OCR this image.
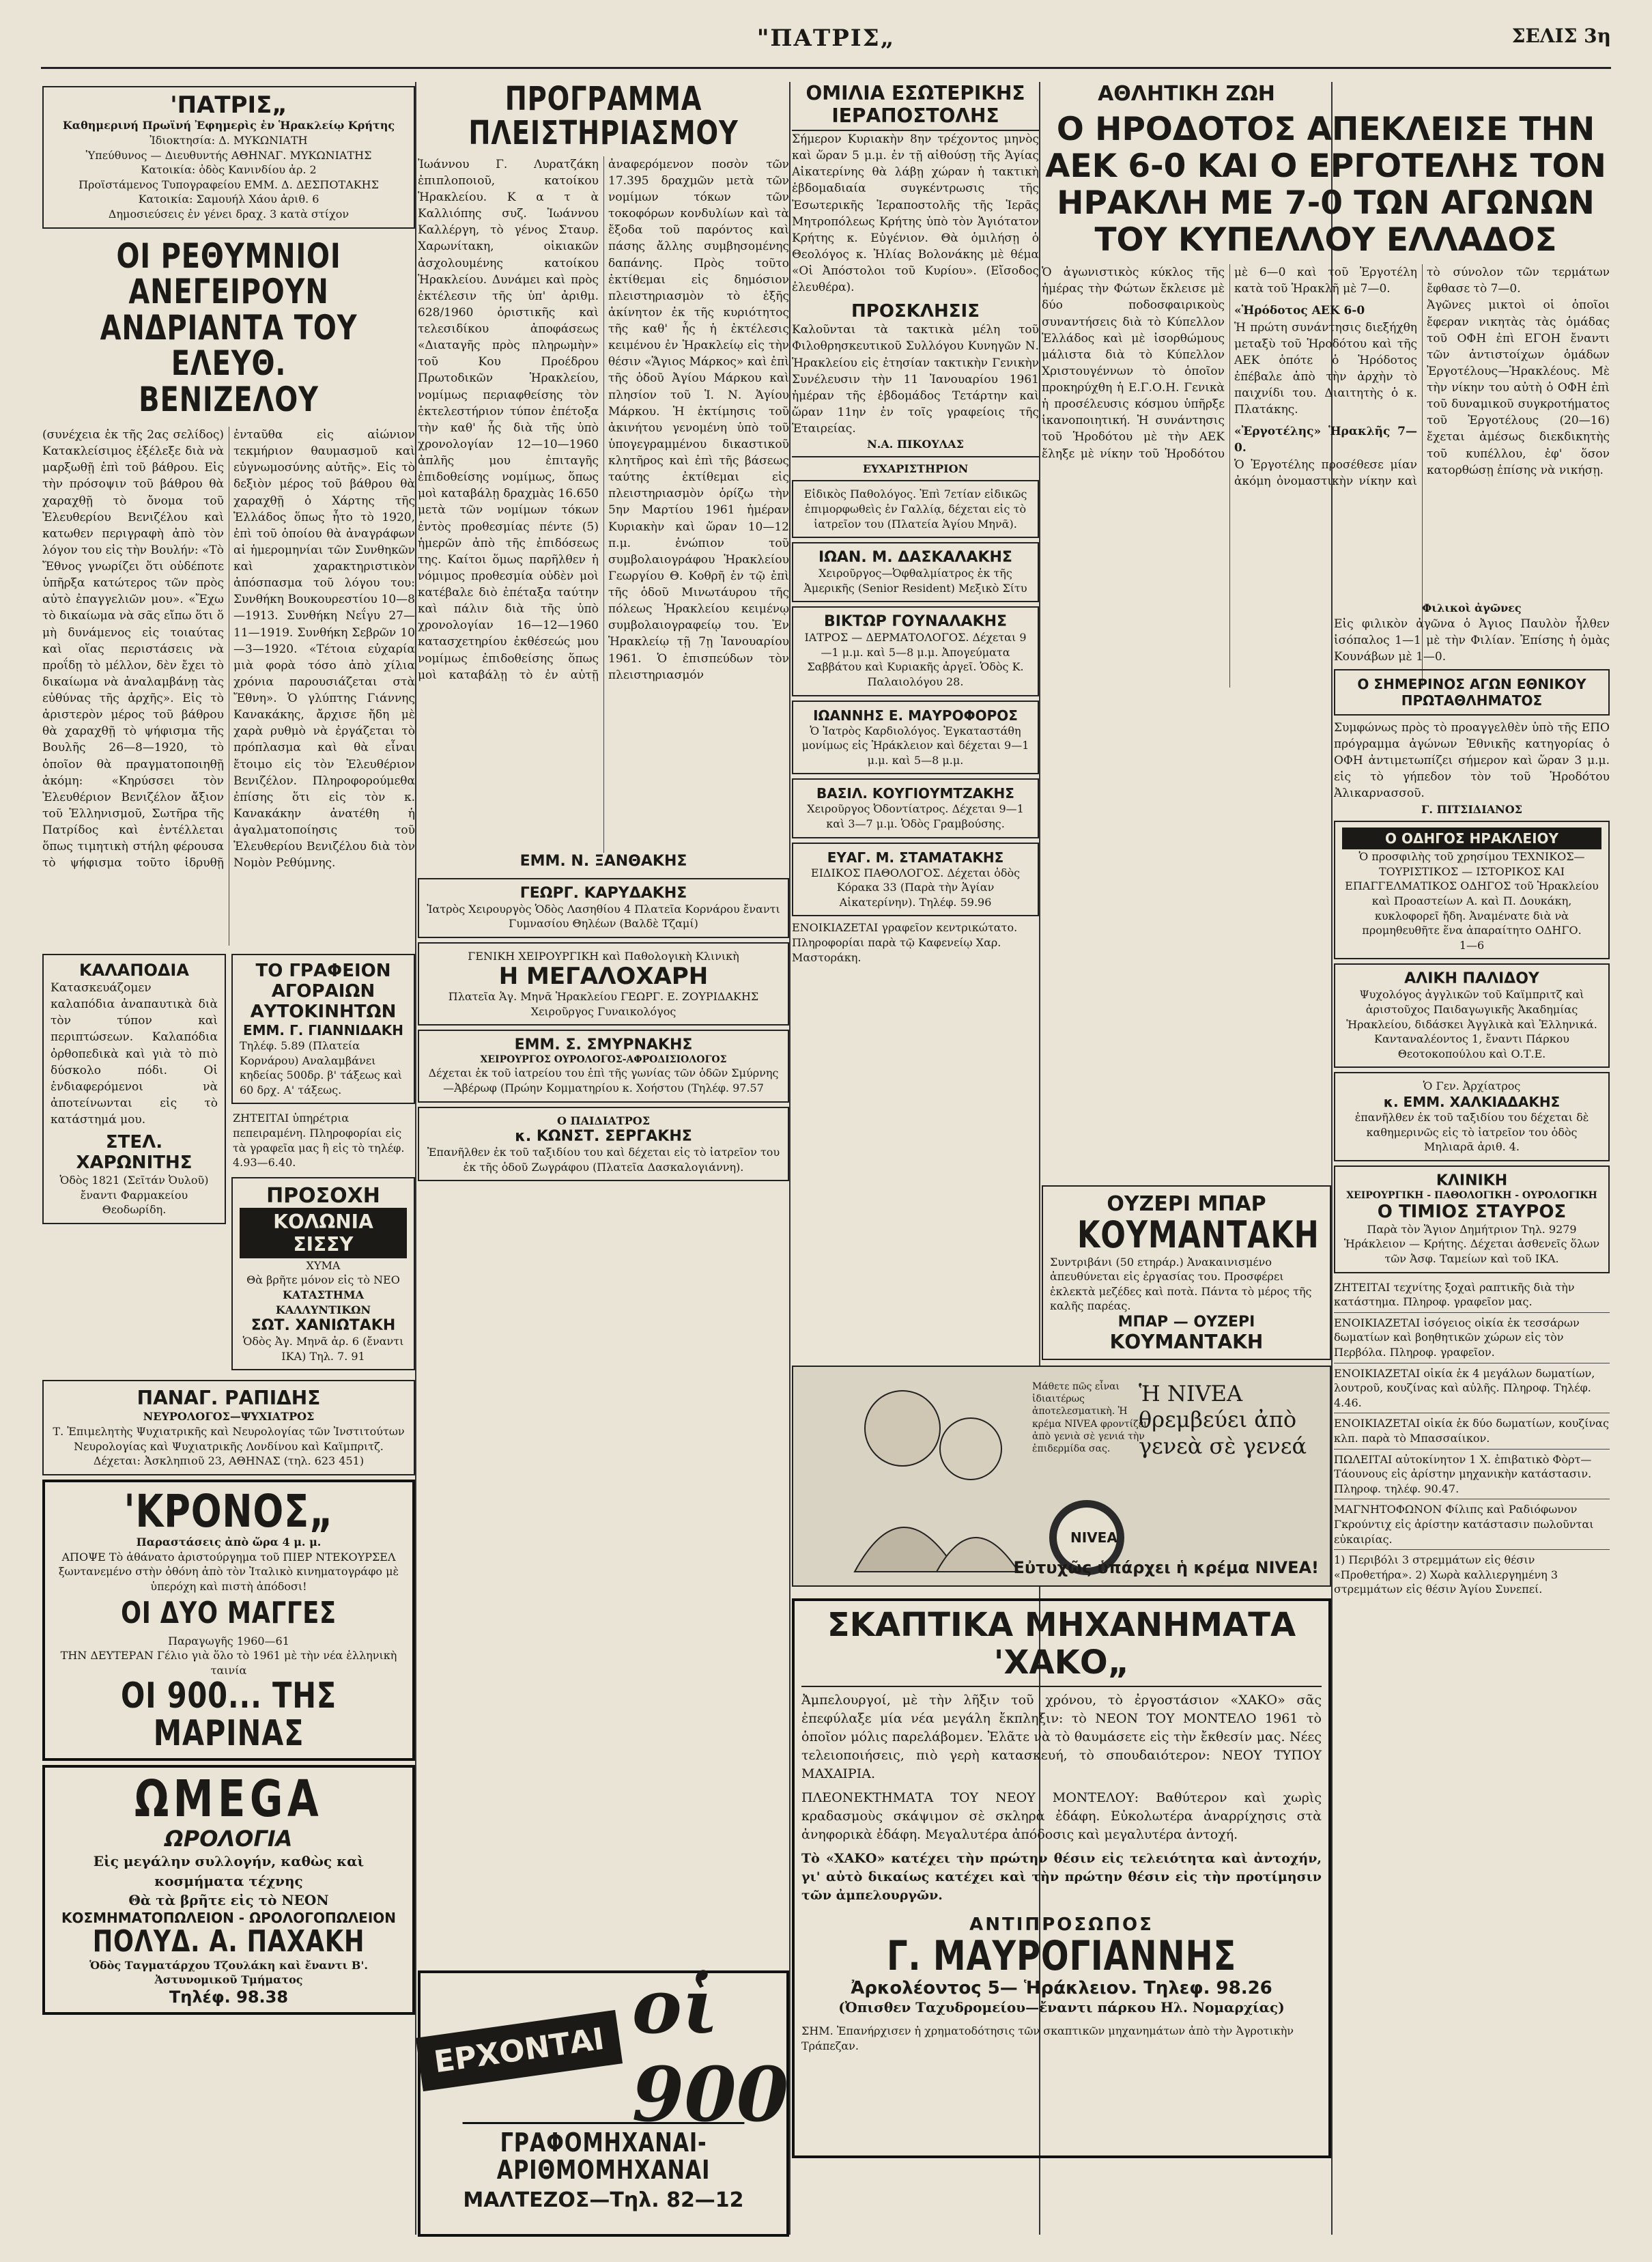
"ΠΑΤΡΙΣ„	ΣΕΛΙΣ 3η
'ΠΑΤΡΙΣ„
Καθημερινή Πρωϊνή Ἐφημερὶς ἐν Ἡρακλείῳ Κρήτης
Ἰδιοκτησία: Δ. ΜΥΚΩΝΙΑΤΗ
Ὑπεύθυνος — Διευθυντής ΑΘΗΝΑΓ. ΜΥΚΩΝΙΑΤΗΣ
Κατοικία: ὁδὸς Κανινδίου ἀρ. 2
Προϊστάμενος Τυπογραφείου ΕΜΜ. Δ. ΔΕΣΠΟΤΑΚΗΣ
Κατοικία: Σαμουήλ Χάου ἀριθ. 6
Δημοσιεύσεις ἐν γένει δραχ. 3 κατὰ στίχον
ΟΙ ΡΕΘΥΜΝΙΟΙ ΑΝΕΓΕΙΡΟΥΝ ΑΝΔΡΙΑΝΤΑ ΤΟΥ ΕΛΕΥΘ. ΒΕΝΙΖΕΛΟΥ
(συνέχεια ἐκ τῆς 2ας σελίδος) Κατακλείσιμος ἐξέλεξε διὰ νὰ μαρξωθῇ ἐπὶ τοῦ βάθρου. Εἰς τὴν πρόσοψιν τοῦ βάθρου θὰ χαραχθῇ τὸ ὄνομα τοῦ Ἐλευθερίου Βενιζέλου καὶ κατωθεν περιγραφὴ ἀπὸ τὸν λόγον του εἰς τὴν Βουλήν: «Τὸ Ἔθνος γνωρίζει ὅτι οὐδέποτε ὑπῆρξα κατώτερος τῶν πρὸς αὐτὸ ἐπαγγελιῶν μου». «Ἔχω τὸ δικαίωμα νὰ σᾶς εἴπω ὅτι ὅ μὴ δυνάμενος εἰς τοιαύτας καὶ οἵας περιστάσεις νὰ προΐδῃ τὸ μέλλον, δὲν ἔχει τὸ δικαίωμα νὰ ἀναλαμβάνῃ τὰς εὐθύνας τῆς ἀρχῆς». Εἰς τὸ ἀριστερὸν μέρος τοῦ βάθρου θὰ χαραχθῇ τὸ ψήφισμα τῆς Βουλῆς 26—8—1920, τὸ ὁποῖον θὰ πραγματοποιηθῇ ἀκόμη: «Κηρύσσει τὸν Ἐλευθέριον Βενιζέλον ἄξιον τοῦ Ἑλληνισμοῦ, Σωτῆρα τῆς Πατρίδος καὶ ἐντέλλεται ὅπως τιμητικὴ στήλη φέρουσα τὸ ψήφισμα τοῦτο ἱδρυθῇ ἐνταῦθα εἰς αἰώνιον τεκμήριον θαυμασμοῦ καὶ εὐγνωμοσύνης αὐτῆς». Εἰς τὸ δεξιὸν μέρος τοῦ βάθρου θὰ χαραχθῇ ὁ Χάρτης τῆς Ἑλλάδος ὅπως ἦτο τὸ 1920, ἐπὶ τοῦ ὁποίου θὰ ἀναγράφων αἱ ἡμερομηνίαι τῶν Συνθηκῶν καὶ χαρακτηριστικὸν ἀπόσπασμα τοῦ λόγου του: Συνθήκη Βουκουρεστίου 10—8—1913. Συνθήκη Νεΐγυ 27—11—1919. Συνθήκη Σεβρῶν 10—3—1920. «Τέτοια εὐχαρία μιὰ φορὰ τόσο ἀπὸ χίλια χρόνια παρουσιάζεται στὰ Ἔθνη». Ὁ γλύπτης Γιάννης Κανακάκης, ἄρχισε ἤδη μὲ χαρὰ ρυθμὸ νὰ ἐργάζεται τὸ πρόπλασμα καὶ θὰ εἶναι ἔτοιμο εἰς τὸν Ἐλευθέριον Βενιζέλον. Πληροφορούμεθα ἐπίσης ὅτι εἰς τὸν κ. Κανακάκην ἀνατέθη ἡ ἀγαλματοποίησις τοῦ Ἐλευθερίου Βενιζέλου διὰ τὸν Νομὸν Ρεθύμνης.
ΚΑΛΑΠΟΔΙΑ
Κατασκευάζομεν καλαπόδια ἀναπαυτικὰ διὰ τὸν τύπον καὶ περιπτώσεων. Καλαπόδια ὀρθοπεδικὰ καὶ γιὰ τὸ πιὸ δύσκολο πόδι. Οἱ ἐνδιαφερόμενοι νὰ ἀποτείνωνται εἰς τὸ κατάστημά μου.
ΣΤΕΛ. ΧΑΡΩΝΙΤΗΣ
Ὁδὸς 1821 (Σεῖτάν Ὀυλοῦ) ἔναντι Φαρμακείου Θεοδωρίδη.
ΤΟ ΓΡΑΦΕΙΟΝ ΑΓΟΡΑΙΩΝ ΑΥΤΟΚΙΝΗΤΩΝ
ΕΜΜ. Γ. ΓΙΑΝΝΙΔΑΚΗ
Τηλέφ. 5.89 (Πλατεία Κορνάρου) Αναλαμβάνει κηδείας 500δρ. β' τάξεως καὶ 60 δρχ. Α' τάξεως.
ΖΗΤΕΙΤΑΙ ὑπηρέτρια πεπειραμένη. Πληροφορίαι εἰς τὰ γραφεῖα μας ἢ εἰς τὸ τηλέφ. 4.93—6.40.
ΠΡΟΣΟΧΗ
ΚΟΛΩΝΙΑ ΣΙΣΣΥ
ΧΥΜΑ
Θὰ βρῆτε μόνον εἰς τὸ ΝΕΟ
ΚΑΤΑΣΤΗΜΑ ΚΑΛΛΥΝΤΙΚΩΝ
ΣΩΤ. ΧΑΝΙΩΤΑΚΗ
Ὁδὸς Ἀγ. Μηνᾶ ἀρ. 6 (ἔναντι ΙΚΑ) Τηλ. 7. 91
ΠΑΝΑΓ. ΡΑΠΙΔΗΣ
ΝΕΥΡΟΛΟΓΟΣ—ΨΥΧΙΑΤΡΟΣ
Τ. Ἐπιμελητὴς Ψυχιατρικῆς καὶ Νευρολογίας τῶν Ἰνστιτούτων Νευρολογίας καὶ Ψυχιατρικῆς Λονδίνου καὶ Καϊμπριτζ.
Δέχεται: Ἀσκληπιοῦ 23, ΑΘΗΝΑΣ (τηλ. 623 451)
'ΚΡΟΝΟΣ„
Παραστάσεις ἀπὸ ὥρα 4 μ. μ.
ΑΠΟΨΕ Τὸ ἀθάνατο ἀριστούργημα τοῦ ΠΙΕΡ ΝΤΕΚΟΥΡΣΕΛ ξωντανεμένο στὴν ὀθόνη ἀπὸ τὸν Ἰταλικὸ κινηματογράφο μὲ ὑπερόχη καὶ πιστὴ ἀπόδοσι!
ΟΙ ΔΥΟ ΜΑΓΓΕΣ
Παραγωγῆς 1960—61
ΤΗΝ ΔΕΥΤΕΡΑΝ Γέλιο γιὰ ὅλο τὸ 1961 μὲ τὴν νέα ἑλληνικὴ ταινία
ΟΙ 900... ΤΗΣ ΜΑΡΙΝΑΣ
ΩMEGA
ΩΡΟΛΟΓΙΑ
Εἰς μεγάλην συλλογήν, καθὼς καὶ κοσμήματα τέχνης
Θὰ τὰ βρῆτε εἰς τὸ ΝΕΟΝ
ΚΟΣΜΗΜΑΤΟΠΩΛΕΙΟΝ - ΩΡΟΛΟΓΟΠΩΛΕΙΟΝ
ΠΟΛΥΔ. Α. ΠΑΧΑΚΗ
Ὁδὸς Ταγματάρχου Τζουλάκη καὶ ἔναντι Β'. Ἀστυνομικοῦ Τμήματος
Τηλέφ. 98.38
ΠΡΟΓΡΑΜΜΑ ΠΛΕΙΣΤΗΡΙΑΣΜΟΥ
Ἰωάννου Γ. Λυρατζάκη ἐπιπλοποιοῦ, κατοίκου Ἡρακλείου. Κ α τ ὰ Καλλιόπης συζ. Ἰωάννου Καλλέργη, τὸ γένος Σταυρ. Χαρωνίτακη, οἰκιακῶν ἀσχολουμένης κατοίκου Ἡρακλείου. Δυνάμει καὶ πρὸς ἐκτέλεσιν τῆς ὑπ' ἀριθμ. 628/1960 ὁριστικῆς καὶ τελεσιδίκου ἀποφάσεως «Διαταγῆς πρὸς πληρωμὴν» τοῦ Κου Προέδρου Πρωτοδικῶν Ἡρακλείου, νομίμως περιαφθείσης τὸν ἐκτελεστήριον τύπον ἐπέτοξα τὴν καθ' ἧς διὰ τῆς ὑπὸ χρονολογίαν 12—10—1960 ἀπλῆς μου ἐπιταγῆς ἐπιδοθείσης νομίμως, ὅπως μοὶ καταβάλῃ δραχμὰς 16.650 μετὰ τῶν νομίμων τόκων ἐντὸς προθεσμίας πέντε (5) ἡμερῶν ἀπὸ τῆς ἐπιδόσεως της. Καίτοι ὅμως παρῆλθεν ἡ νόμιμος προθεσμία οὐδὲν μοὶ κατέβαλε διὸ ἐπέταξα ταύτην καὶ πάλιν διὰ τῆς ὑπὸ χρονολογίαν 16—12—1960 κατασχετηρίου ἐκθέσεώς μου νομίμως ἐπιδοθείσης ὅπως μοὶ καταβάλῃ τὸ ἐν αὐτῇ ἀναφερόμενον ποσὸν τῶν 17.395 δραχμῶν μετὰ τῶν νομίμων τόκων τῶν τοκοφόρων κονδυλίων καὶ τὰ ἔξοδα τοῦ παρόντος καὶ πάσης ἄλλης συμβησομένης δαπάνης. Πρὸς τοῦτο ἐκτίθεμαι εἰς δημόσιον πλειστηριασμὸν τὸ ἑξῆς ἀκίνητον ἐκ τῆς κυριότητος τῆς καθ' ἧς ἡ ἐκτέλεσις κειμένου ἐν Ἡρακλείῳ εἰς τὴν θέσιν «Ἅγιος Μάρκος» καὶ ἐπὶ τῆς ὁδοῦ Ἀγίου Μάρκου καὶ πλησίον τοῦ Ἱ. Ν. Ἁγίου Μάρκου. Ἡ ἐκτίμησις τοῦ ἀκινήτου γενομένη ὑπὸ τοῦ ὑπογεγραμμένου δικαστικοῦ κλητῆρος καὶ ἐπὶ τῆς βάσεως ταύτης ἐκτίθεμαι εἰς πλειστηριασμὸν ὁρίζω τὴν 5ην Μαρτίου 1961 ἡμέραν Κυριακὴν καὶ ὥραν 10—12 π.μ. ἐνώπιον τοῦ συμβολαιογράφου Ἡρακλείου Γεωργίου Θ. Κοθρῆ ἐν τῷ ἐπὶ τῆς ὁδοῦ Μινωτάυρου τῆς πόλεως Ἡρακλείου κειμένῳ συμβολαιογραφείῳ του. Ἐν Ἡρακλείῳ τῇ 7ῃ Ἰανουαρίου 1961. Ὁ ἐπισπεύδων τὸν πλειστηριασμόν
ΕΜΜ. Ν. ΞΑΝΘΑΚΗΣ
ΓΕΩΡΓ. ΚΑΡΥΔΑΚΗΣ
Ἰατρὸς Χειρουργὸς Ὁδὸς Λασηθίου 4 Πλατεῖα Κορνάρου ἔναντι Γυμνασίου Θηλέων (Βαλδὲ Τζαμί)
ΓΕΝΙΚΗ ΧΕΙΡΟΥΡΓΙΚΗ καὶ Παθολογικὴ Κλινικὴ
Η ΜΕΓΑΛΟΧΑΡΗ
Πλατεῖα Ἁγ. Μηνᾶ Ἡρακλείου ΓΕΩΡΓ. Ε. ΖΟΥΡΙΔΑΚΗΣ Χειροῦργος Γυναικολόγος
ΕΜΜ. Σ. ΣΜΥΡΝΑΚΗΣ
ΧΕΙΡΟΥΡΓΟΣ ΟΥΡΟΛΟΓΟΣ-ΑΦΡΟΔΙΣΙΟΛΟΓΟΣ
Δέχεται ἐκ τοῦ ἰατρείου του ἐπὶ τῆς γωνίας τῶν ὁδῶν Σμύρνης—Ἀβέρωφ (Πρώην Κομματηρίου κ. Χοήστου (Τηλέφ. 97.57
Ο ΠΑΙΔΙΑΤΡΟΣ
κ. ΚΩΝΣΤ. ΣΕΡΓΑΚΗΣ
Ἐπανῆλθεν ἐκ τοῦ ταξιδίου του καὶ δέχεται εἰς τὸ ἰατρεῖον του ἐκ τῆς ὁδοῦ Ζωγράφου (Πλατεῖα Δασκαλογιάννη).
ΕΡΧΟΝΤΑΙ οἱ 900
ΓΡΑΦΟΜΗΧΑΝΑΙ-ΑΡΙΘΜΟΜΗΧΑΝΑΙ
ΜΑΛΤΕΖΟΣ—Τηλ. 82—12
ΟΜΙΛΙΑ ΕΣΩΤΕΡΙΚΗΣ ΙΕΡΑΠΟΣΤΟΛΗΣ
Σήμερον Κυριακὴν 8ην τρέχοντος μηνὸς καὶ ὥραν 5 μ.μ. ἐν τῇ αἰθούσῃ τῆς Ἁγίας Αἰκατερίνης θὰ λάβῃ χώραν ἡ τακτικὴ ἑβδομαδιαία συγκέντρωσις τῆς Ἐσωτερικῆς Ἱεραποστολῆς τῆς Ἱερᾶς Μητροπόλεως Κρήτης ὑπὸ τὸν Ἁγιότατον Κρήτης κ. Εὐγένιον. Θὰ ὁμιλήσῃ ὁ Θεολόγος κ. Ἠλίας Βολονάκης μὲ θέμα «Οἱ Ἀπόστολοι τοῦ Κυρίου». (Εἴσοδος ἐλευθέρα).
ΠΡΟΣΚΛΗΣΙΣ
Καλοῦνται τὰ τακτικὰ μέλη τοῦ Φιλοθρησκευτικοῦ Συλλόγου Κυνηγῶν Ν. Ἡρακλείου εἰς ἐτησίαν τακτικὴν Γενικὴν Συνέλευσιν τὴν 11 Ἰανουαρίου 1961 ἡμέραν τῆς ἑβδομάδος Τετάρτην καὶ ὥραν 11ην ἐν τοῖς γραφείοις τῆς Ἑταιρείας.
Ν.Α. ΠΙΚΟΥΛΑΣ
ΕΥΧΑΡΙΣΤΗΡΙΟΝ
Εἰδικὸς Παθολόγος. Ἐπὶ 7ετίαν εἰδικῶς ἐπιμορφωθεὶς ἐν Γαλλίᾳ, δέχεται εἰς τὸ ἰατρεῖον του (Πλατεία Ἁγίου Μηνᾶ).
ΙΩΑΝ. Μ. ΔΑΣΚΑΛΑΚΗΣ
Χειροῦργος—Ὀφθαλμίατρος ἐκ τῆς Ἀμερικῆς (Senior Resident) Μεξικὸ Σίτυ
ΒΙΚΤΩΡ ΓΟΥΝΑΛΑΚΗΣ
ΙΑΤΡΟΣ — ΔΕΡΜΑΤΟΛΟΓΟΣ. Δέχεται 9—1 μ.μ. καὶ 5—8 μ.μ. Ἀπογεύματα Σαββάτου καὶ Κυριακῆς ἀργεῖ. Ὁδὸς Κ. Παλαιολόγου 28.
ΙΩΑΝΝΗΣ Ε. ΜΑΥΡΟΦΟΡΟΣ
Ὁ Ἰατρὸς Καρδιολόγος. Ἐγκαταστάθη μονίμως εἰς Ἡράκλειον καὶ δέχεται 9—1 μ.μ. καὶ 5—8 μ.μ.
ΒΑΣΙΛ. ΚΟΥΓΙΟΥΜΤΖΑΚΗΣ
Χειροῦργος Ὀδοντίατρος. Δέχεται 9—1 καὶ 3—7 μ.μ. Ὁδὸς Γραμβούσης.
ΕΥΑΓ. Μ. ΣΤΑΜΑΤΑΚΗΣ
ΕΙΔΙΚΟΣ ΠΑΘΟΛΟΓΟΣ. Δέχεται ὁδὸς Κόρακα 33 (Παρὰ τὴν Ἁγίαν Αἰκατερίνην). Τηλέφ. 59.96
ΕΝΟΙΚΙΑΖΕΤΑΙ γραφεῖον κεντρικώτατο. Πληροφορίαι παρὰ τῷ Καφενείῳ Χαρ. Μαστοράκη.
ΑΘΛΗΤΙΚΗ ΖΩΗ
Ο ΗΡΟΔΟΤΟΣ ΑΠΕΚΛΕΙΣΕ ΤΗΝ ΑΕΚ 6-0 ΚΑΙ Ο ΕΡΓΟΤΕΛΗΣ ΤΟΝ ΗΡΑΚΛΗ ΜΕ 7-0 ΤΩΝ ΑΓΩΝΩΝ ΤΟΥ ΚΥΠΕΛΛΟΥ ΕΛΛΑΔΟΣ
Ὁ ἀγωνιστικὸς κύκλος τῆς ἡμέρας τὴν Φώτων ἔκλεισε μὲ δύο ποδοσφαιρικοὺς συναντήσεις διὰ τὸ Κύπελλον Ἑλλάδος καὶ μὲ ἰσορθώμους μάλιστα διὰ τὸ Κύπελλον Χριστουγέννων τὸ ὁποῖον προκηρύχθη ἡ Ε.Γ.Ο.Η. Γενικὰ ἡ προσέλευσις κόσμου ὑπῆρξε ἱκανοποιητική. Ἡ συνάντησις τοῦ Ἡροδότου μὲ τὴν ΑΕΚ ἔληξε μὲ νίκην τοῦ Ἡροδότου μὲ 6—0 καὶ τοῦ Ἐργοτέλη κατὰ τοῦ Ἡρακλῆ μὲ 7—0.
«Ἡρόδοτος ΑΕΚ 6-0
Ἡ πρώτη συνάντησις διεξήχθη μεταξὺ τοῦ Ἡροδότου καὶ τῆς ΑΕΚ ὁπότε ὁ Ἡρόδοτος ἐπέβαλε ἀπὸ τὴν ἀρχὴν τὸ παιχνίδι του. Διαιτητὴς ὁ κ. Πλατάκης.
«Ἐργοτέλης» Ἡρακλῆς 7—0.
Ὁ Ἐργοτέλης προσέθεσε μίαν ἀκόμη ὀνομαστικὴν νίκην καὶ τὸ σύνολον τῶν τερμάτων ἔφθασε τὸ 7—0.
Ἀγῶνες μικτοὶ οἱ ὁποῖοι ἔφεραν νικητὰς τὰς ὁμάδας τοῦ ΟΦΗ ἐπὶ ΕΓΟΗ ἔναντι τῶν ἀντιστοίχων ὁμάδων Ἐργοτέλους—Ἡρακλέους. Μὲ τὴν νίκην του αὐτὴ ὁ ΟΦΗ ἐπὶ τοῦ δυναμικοῦ συγκροτήματος τοῦ Ἐργοτέλους (20—16) ἔχεται ἀμέσως διεκδικητὴς τοῦ κυπέλλου, ἐφ' ὅσον κατορθώσῃ ἐπίσης νὰ νικήσῃ.
ΟΥΖΕΡΙ ΜΠΑΡ
ΚΟΥΜΑΝΤΑΚΗ
Συντριβάνι (50 ετηράρ.) Ἀνακαινισμένο ἀπευθύνεται εἰς ἐργασίας του. Προσφέρει ἐκλεκτὰ μεζέδες καὶ ποτὰ. Πάντα τὸ μέρος τῆς καλῆς παρέας.
ΜΠΑΡ — ΟΥΖΕΡΙ
ΚΟΥΜΑΝΤΑΚΗ
Ἡ NIVEA
θρεμβεύει ἀπὸ γενεὰ σὲ γενεά
Μάθετε πῶς εἶναι ἰδιαιτέρως ἀποτελεσματικὴ. Ἡ κρέμα NIVEA φροντίζει ἀπὸ γενιὰ σὲ γενιά τὴν ἐπιδερμίδα σας.
NIVEA
Εὐτυχῶς ὑπάρχει ἡ κρέμα NIVEA!
ΣΚΑΠΤΙΚΑ ΜΗΧΑΝΗΜΑΤΑ 'ΧΑΚΟ„
Ἀμπελουργοί, μὲ τὴν λῆξιν τοῦ χρόνου, τὸ ἐργοστάσιον «ΧΑΚΟ» σᾶς ἐπεφύλαξε μία νέα μεγάλη ἔκπληξιν: τὸ ΝΕΟΝ ΤΟΥ ΜΟΝΤΕΛΟ 1961 τὸ ὁποῖον μόλις παρελάβομεν. Ἐλᾶτε νὰ τὸ θαυμάσετε εἰς τὴν ἔκθεσίν μας. Νέες τελειοποιήσεις, πιὸ γερὴ κατασκευή, τὸ σπουδαιότερον: ΝΕΟΥ ΤΥΠΟΥ ΜΑΧΑΙΡΙΑ.
ΠΛΕΟΝΕΚΤΗΜΑΤΑ ΤΟΥ ΝΕΟΥ ΜΟΝΤΕΛΟΥ: Βαθύτερον καὶ χωρὶς κραδασμοὺς σκάψιμον σὲ σκληρὰ ἐδάφη. Εὐκολωτέρα ἀναρρίχησις στὰ ἀνηφορικὰ ἐδάφη. Μεγαλυτέρα ἀπόδοσις καὶ μεγαλυτέρα ἀντοχή.
Τὸ «ΧΑΚΟ» κατέχει τὴν πρώτην θέσιν εἰς τελειότητα καὶ ἀντοχήν, γι' αὐτὸ δικαίως κατέχει καὶ τὴν πρώτην θέσιν εἰς τὴν προτίμησιν τῶν ἀμπελουργῶν.
ΑΝΤΙΠΡΟΣΩΠΟΣ
Γ. ΜΑΥΡΟΓΙΑΝΝΗΣ
Ἀρκολέοντος 5— Ἡράκλειον. Τηλεφ. 98.26
(Ὀπισθεν Ταχυδρομείου—ἔναντι πάρκου Ηλ. Νομαρχίας)
ΣΗΜ. Ἐπανήρχισεν ἡ χρηματοδότησις τῶν σκαπτικῶν μηχανημάτων ἀπὸ τὴν Ἀγροτικὴν Τράπεζαν.
Φιλικοὶ ἀγῶνες
Εἰς φιλικὸν ἀγῶνα ὁ Ἀγιος Παυλὸν ἦλθεν ἰσόπαλος 1—1 μὲ τὴν Φιλίαν. Ἐπίσης ἡ ὁμὰς Κουνάβων μὲ 1—0.
Ο ΣΗΜΕΡΙΝΟΣ ΑΓΩΝ ΕΘΝΙΚΟΥ ΠΡΩΤΑΘΛΗΜΑΤΟΣ
Συμφώνως πρὸς τὸ προαγγελθὲν ὑπὸ τῆς ΕΠΟ πρόγραμμα ἀγώνων Ἐθνικῆς κατηγορίας ὁ ΟΦΗ ἀντιμετωπίζει σήμερον καὶ ὥραν 3 μ.μ. εἰς τὸ γήπεδον τὸν τοῦ Ἡροδότου Ἀλικαρνασσοῦ.
Γ. ΠΙΤΣΙΔΙΑΝΟΣ
Ο ΟΔΗΓΟΣ ΗΡΑΚΛΕΙΟΥ
Ὁ προσφιλὴς τοῦ χρησίμου ΤΕΧΝΙΚΟΣ—ΤΟΥΡΙΣΤΙΚΟΣ — ΙΣΤΟΡΙΚΟΣ ΚΑΙ ΕΠΑΓΓΕΛΜΑΤΙΚΟΣ ΟΔΗΓΟΣ τοῦ Ἡρακλείου καὶ Προαστείων Α. καὶ Π. Δουκάκη, κυκλοφορεῖ ἤδη. Ἀναμένατε διὰ νὰ προμηθευθῆτε ἕνα ἀπαραίτητο ΟΔΗΓΟ.
1—6
ΑΛΙΚΗ ΠΑΛΙΔΟΥ
Ψυχολόγος ἀγγλικῶν τοῦ Καϊμπριτζ καὶ ἀριστοῦχος Παιδαγωγικῆς Ἀκαδημίας Ἡρακλείου, διδάσκει Ἀγγλικὰ καὶ Ἑλληνικά. Κανταναλέοντος 1, ἔναντι Πάρκου Θεοτοκοπούλου καὶ Ο.Τ.Ε.
Ὁ Γεν. Ἀρχίατρος
κ. ΕΜΜ. ΧΑΛΚΙΑΔΑΚΗΣ
ἐπανῆλθεν ἐκ τοῦ ταξιδίου του δέχεται δὲ καθημερινῶς εἰς τὸ ἰατρεῖον του ὁδὸς Μηλιαρᾶ ἀριθ. 4.
ΚΛΙΝΙΚΗ
ΧΕΙΡΟΥΡΓΙΚΗ - ΠΑΘΟΛΟΓΙΚΗ - ΟΥΡΟΛΟΓΙΚΗ
Ο ΤΙΜΙΟΣ ΣΤΑΥΡΟΣ
Παρὰ τὸν Ἅγιον Δημήτριον Τηλ. 9279 Ἡράκλειον — Κρήτης. Δέχεται ἀσθενεῖς ὅλων τῶν Ἀσφ. Ταμείων καὶ τοῦ ΙΚΑ.
ΖΗΤΕΙΤΑΙ τεχνίτης ξοχαὶ ραπτικῆς διὰ τὴν κατάστημα. Πληροφ. γραφεῖον μας.
ΕΝΟΙΚΙΑΖΕΤΑΙ ἰσόγειος οἰκία ἐκ τεσσάρων δωματίων καὶ βοηθητικῶν χώρων εἰς τὸν Περβόλα. Πληροφ. γραφεῖον.
ΕΝΟΙΚΙΑΖΕΤΑΙ οἰκία ἐκ 4 μεγάλων δωματίων, λουτροῦ, κουζίνας καὶ αὐλῆς. Πληροφ. Τηλέφ. 4.46.
ΕΝΟΙΚΙΑΖΕΤΑΙ οἰκία ἐκ δύο δωματίων, κουζίνας κλπ. παρὰ τὸ Μπασσαίικον.
ΠΩΛΕΙΤΑΙ αὐτοκίνητον 1 Χ. ἐπιβατικὸ Φὸρτ—Τάουνους εἰς ἀρίστην μηχανικὴν κατάστασιν. Πληροφ. τηλέφ. 90.47.
ΜΑΓΝΗΤΟΦΩΝΟΝ Φίλιπς καὶ Ραδιόφωνον Γκρούντιχ εἰς ἀρίστην κατάστασιν πωλοῦνται εὐκαιρίας.
1) Περιβόλι 3 στρεμμάτων εἰς θέσιν «Προθετήρα». 2) Χωρὰ καλλιεργημένη 3 στρεμμάτων εἰς θέσιν Ἀγίου Συνεπεί.
